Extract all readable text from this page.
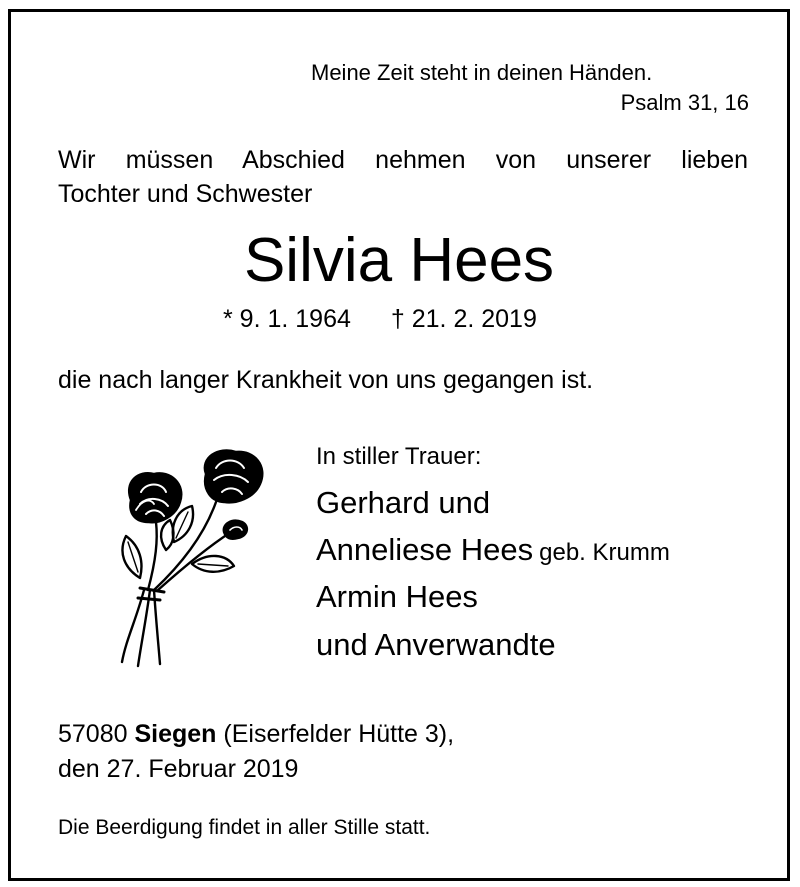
Meine Zeit steht in deinen Händen.
Psalm 31, 16
Wir müssen Abschied nehmen von unserer lieben
Tochter und Schwester
Silvia Hees
* 9. 1. 1964 † 21. 2. 2019
die nach langer Krankheit von uns gegangen ist.
In stiller Trauer:
Gerhard und
Anneliese Hees geb. Krumm
Armin Hees
und Anverwandte
57080 Siegen (Eiserfelder Hütte 3),
den 27. Februar 2019
Die Beerdigung findet in aller Stille statt.
